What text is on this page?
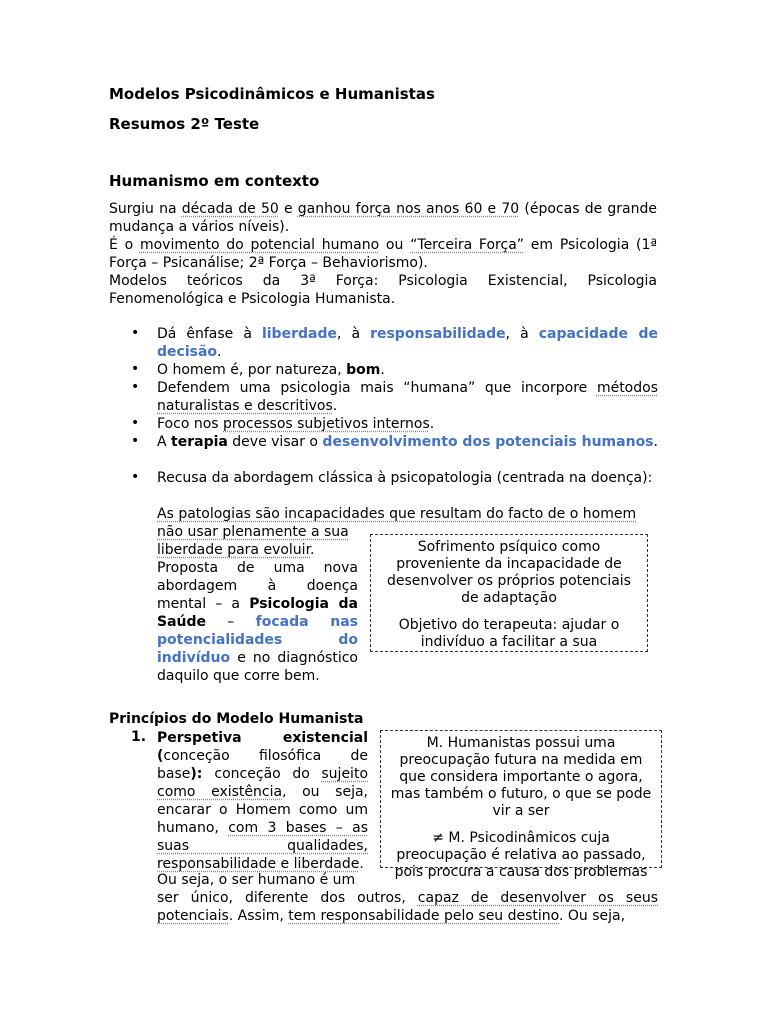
Modelos Psicodinâmicos e Humanistas
Resumos 2º Teste
Humanismo em contexto
Surgiu na década de 50 e ganhou força nos anos 60 e 70 (épocas de grande mudança a vários níveis).
É o movimento do potencial humano ou “Terceira Força” em Psicologia (1ª Força – Psicanálise; 2ª Força – Behaviorismo).
Modelos teóricos da 3ª Força: Psicologia Existencial, Psicologia Fenomenológica e Psicologia Humanista.
• Dá ênfase à liberdade, à responsabilidade, à capacidade de decisão.
• O homem é, por natureza, bom.
• Defendem uma psicologia mais “humana” que incorpore métodos naturalistas e descritivos.
• Foco nos processos subjetivos internos.
• A terapia deve visar o desenvolvimento dos potenciais humanos.
• Recusa da abordagem clássica à psicopatologia (centrada na doença):
As patologias são incapacidades que resultam do facto de o homem
não usar plenamente a sua
liberdade para evoluir.
Proposta de uma nova abordagem à doença mental – a Psicologia da Saúde – focada nas potencialidades do indivíduo e no diagnóstico daquilo que corre bem.

Sofrimento psíquico como proveniente da incapacidade de desenvolver os próprios potenciais de adaptação

Objetivo do terapeuta: ajudar o indivíduo a facilitar a sua

Princípios do Modelo Humanista
1. Perspetiva existencial (conceção filosófica de base): conceção do sujeito como existência, ou seja, encarar o Homem como um humano, com 3 bases – as suas qualidades, responsabilidade e liberdade.
Ou seja, o ser humano é um
ser único, diferente dos outros, capaz de desenvolver os seus potenciais. Assim, tem responsabilidade pelo seu destino. Ou seja,

M. Humanistas possui uma preocupação futura na medida em que considera importante o agora, mas também o futuro, o que se pode vir a ser

≠ M. Psicodinâmicos cuja preocupação é relativa ao passado, pois procura a causa dos problemas
